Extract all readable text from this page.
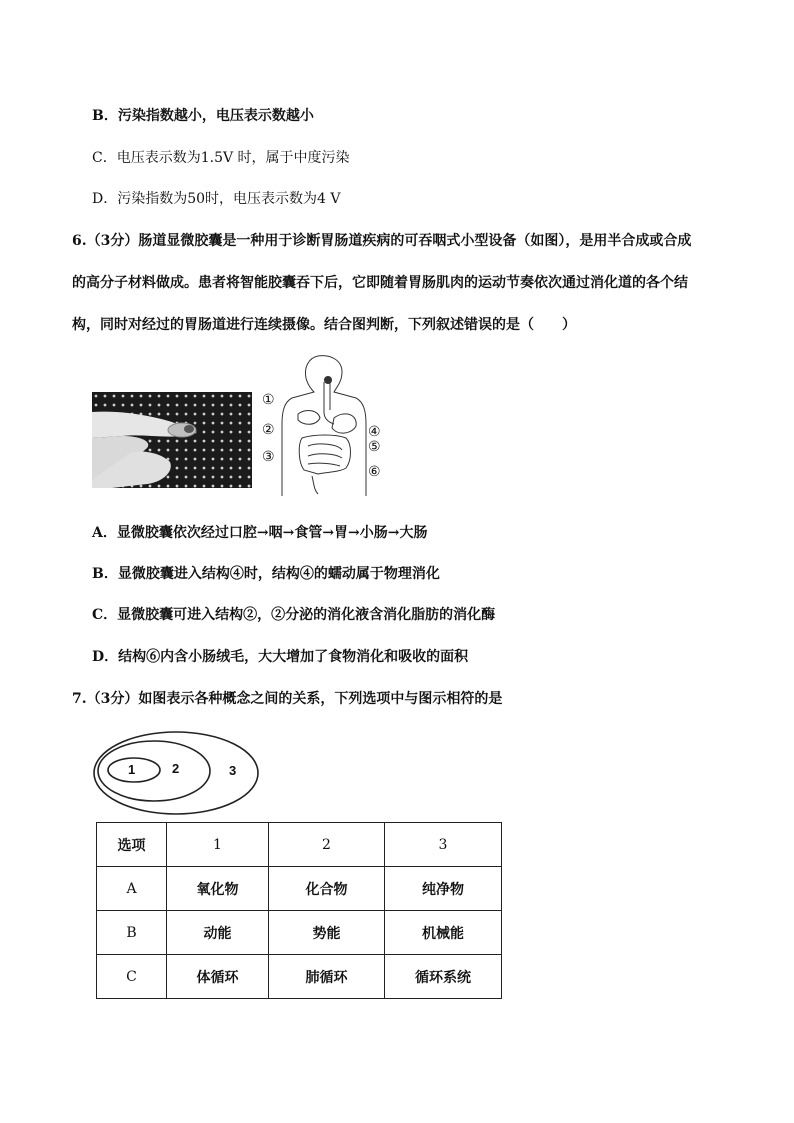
B．污染指数越小，电压表示数越小
C．电压表示数为1.5V 时，属于中度污染
D．污染指数为50时，电压表示数为4 V
6.（3分）肠道显微胶囊是一种用于诊断胃肠道疾病的可吞咽式小型设备（如图），是用半合成或合成
的高分子材料做成。患者将智能胶囊吞下后，它即随着胃肠肌肉的运动节奏依次通过消化道的各个结
构，同时对经过的胃肠道进行连续摄像。结合图判断，下列叙述错误的是（　　）
①
②
③
④
⑤
⑥
A．显微胶囊依次经过口腔→咽→食管→胃→小肠→大肠
B．显微胶囊进入结构④时，结构④的蠕动属于物理消化
C．显微胶囊可进入结构②，②分泌的消化液含消化脂肪的消化酶
D．结构⑥内含小肠绒毛，大大增加了食物消化和吸收的面积
7.（3分）如图表示各种概念之间的关系，下列选项中与图示相符的是
1	2	3
选项	1	2	3
A	氧化物	化合物	纯净物
B	动能	势能	机械能
C	体循环	肺循环	循环系统
